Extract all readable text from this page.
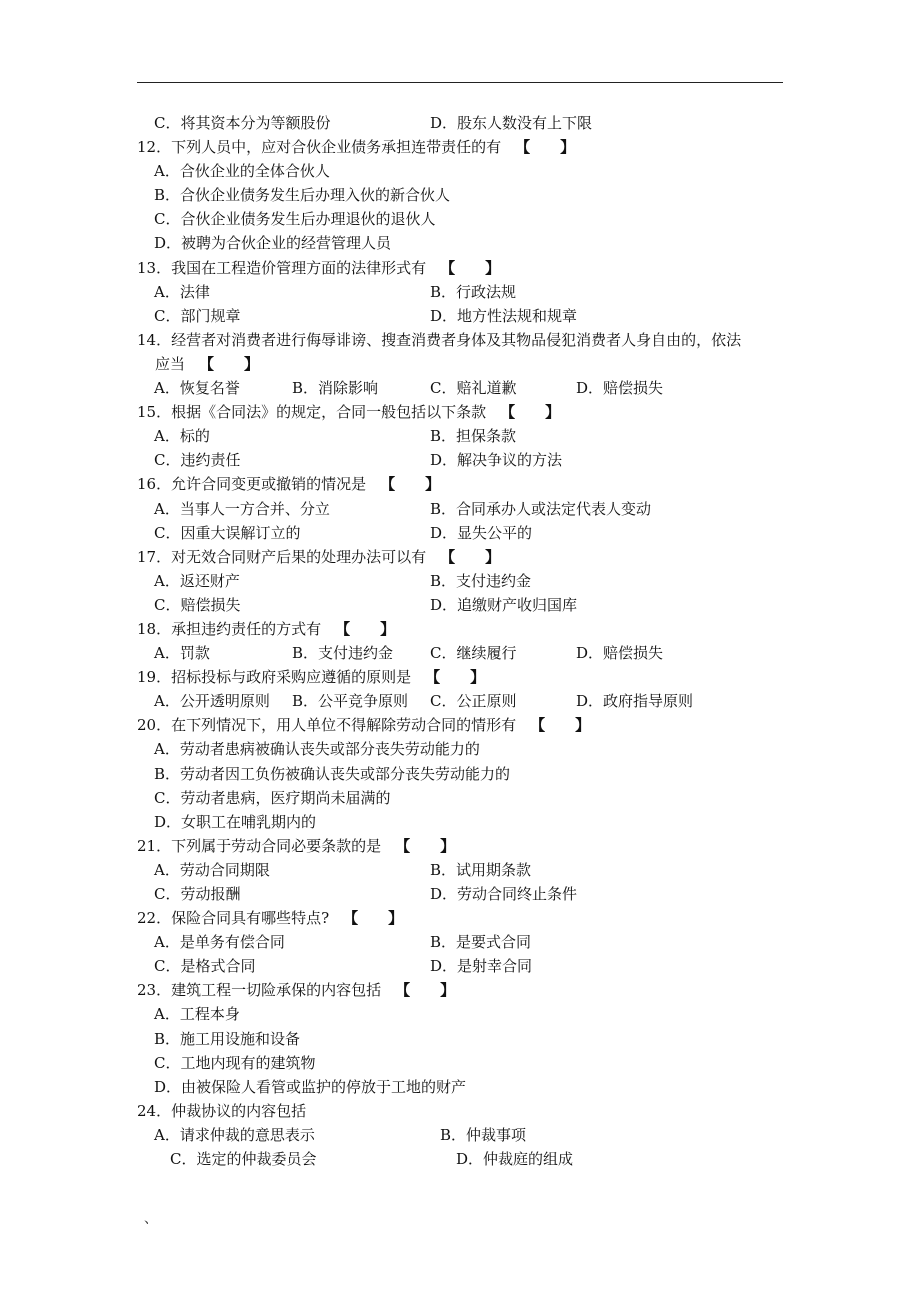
C．将其资本分为等额股份	D．股东人数没有上下限
12．下列人员中，应对合伙企业债务承担连带责任的有 【 】
A．合伙企业的全体合伙人
B．合伙企业债务发生后办理入伙的新合伙人
C．合伙企业债务发生后办理退伙的退伙人
D．被聘为合伙企业的经营管理人员
13．我国在工程造价管理方面的法律形式有 【 】
A．法律	B．行政法规
C．部门规章	D．地方性法规和规章
14．经营者对消费者进行侮辱诽谤、搜查消费者身体及其物品侵犯消费者人身自由的，依法
应当 【 】
A．恢复名誉	B．消除影响	C．赔礼道歉	D．赔偿损失
15．根据《合同法》的规定，合同一般包括以下条款 【 】
A．标的	B．担保条款
C．违约责任	D．解决争议的方法
16．允许合同变更或撤销的情况是 【 】
A．当事人一方合并、分立	B．合同承办人或法定代表人变动
C．因重大误解订立的	D．显失公平的
17．对无效合同财产后果的处理办法可以有 【 】
A．返还财产	B．支付违约金
C．赔偿损失	D．追缴财产收归国库
18．承担违约责任的方式有 【 】
A．罚款	B．支付违约金	C．继续履行	D．赔偿损失
19．招标投标与政府采购应遵循的原则是 【 】
A．公开透明原则	B．公平竞争原则	C．公正原则	D．政府指导原则
20．在下列情况下，用人单位不得解除劳动合同的情形有 【 】
A．劳动者患病被确认丧失或部分丧失劳动能力的
B．劳动者因工负伤被确认丧失或部分丧失劳动能力的
C．劳动者患病，医疗期尚未届满的
D．女职工在哺乳期内的
21．下列属于劳动合同必要条款的是 【 】
A．劳动合同期限	B．试用期条款
C．劳动报酬	D．劳动合同终止条件
22．保险合同具有哪些特点? 【 】
A．是单务有偿合同	B．是要式合同
C．是格式合同	D．是射幸合同
23．建筑工程一切险承保的内容包括 【 】
A．工程本身
B．施工用设施和设备
C．工地内现有的建筑物
D．由被保险人看管或监护的停放于工地的财产
24．仲裁协议的内容包括
A．请求仲裁的意思表示	B．仲裁事项
C．选定的仲裁委员会	D．仲裁庭的组成
、
